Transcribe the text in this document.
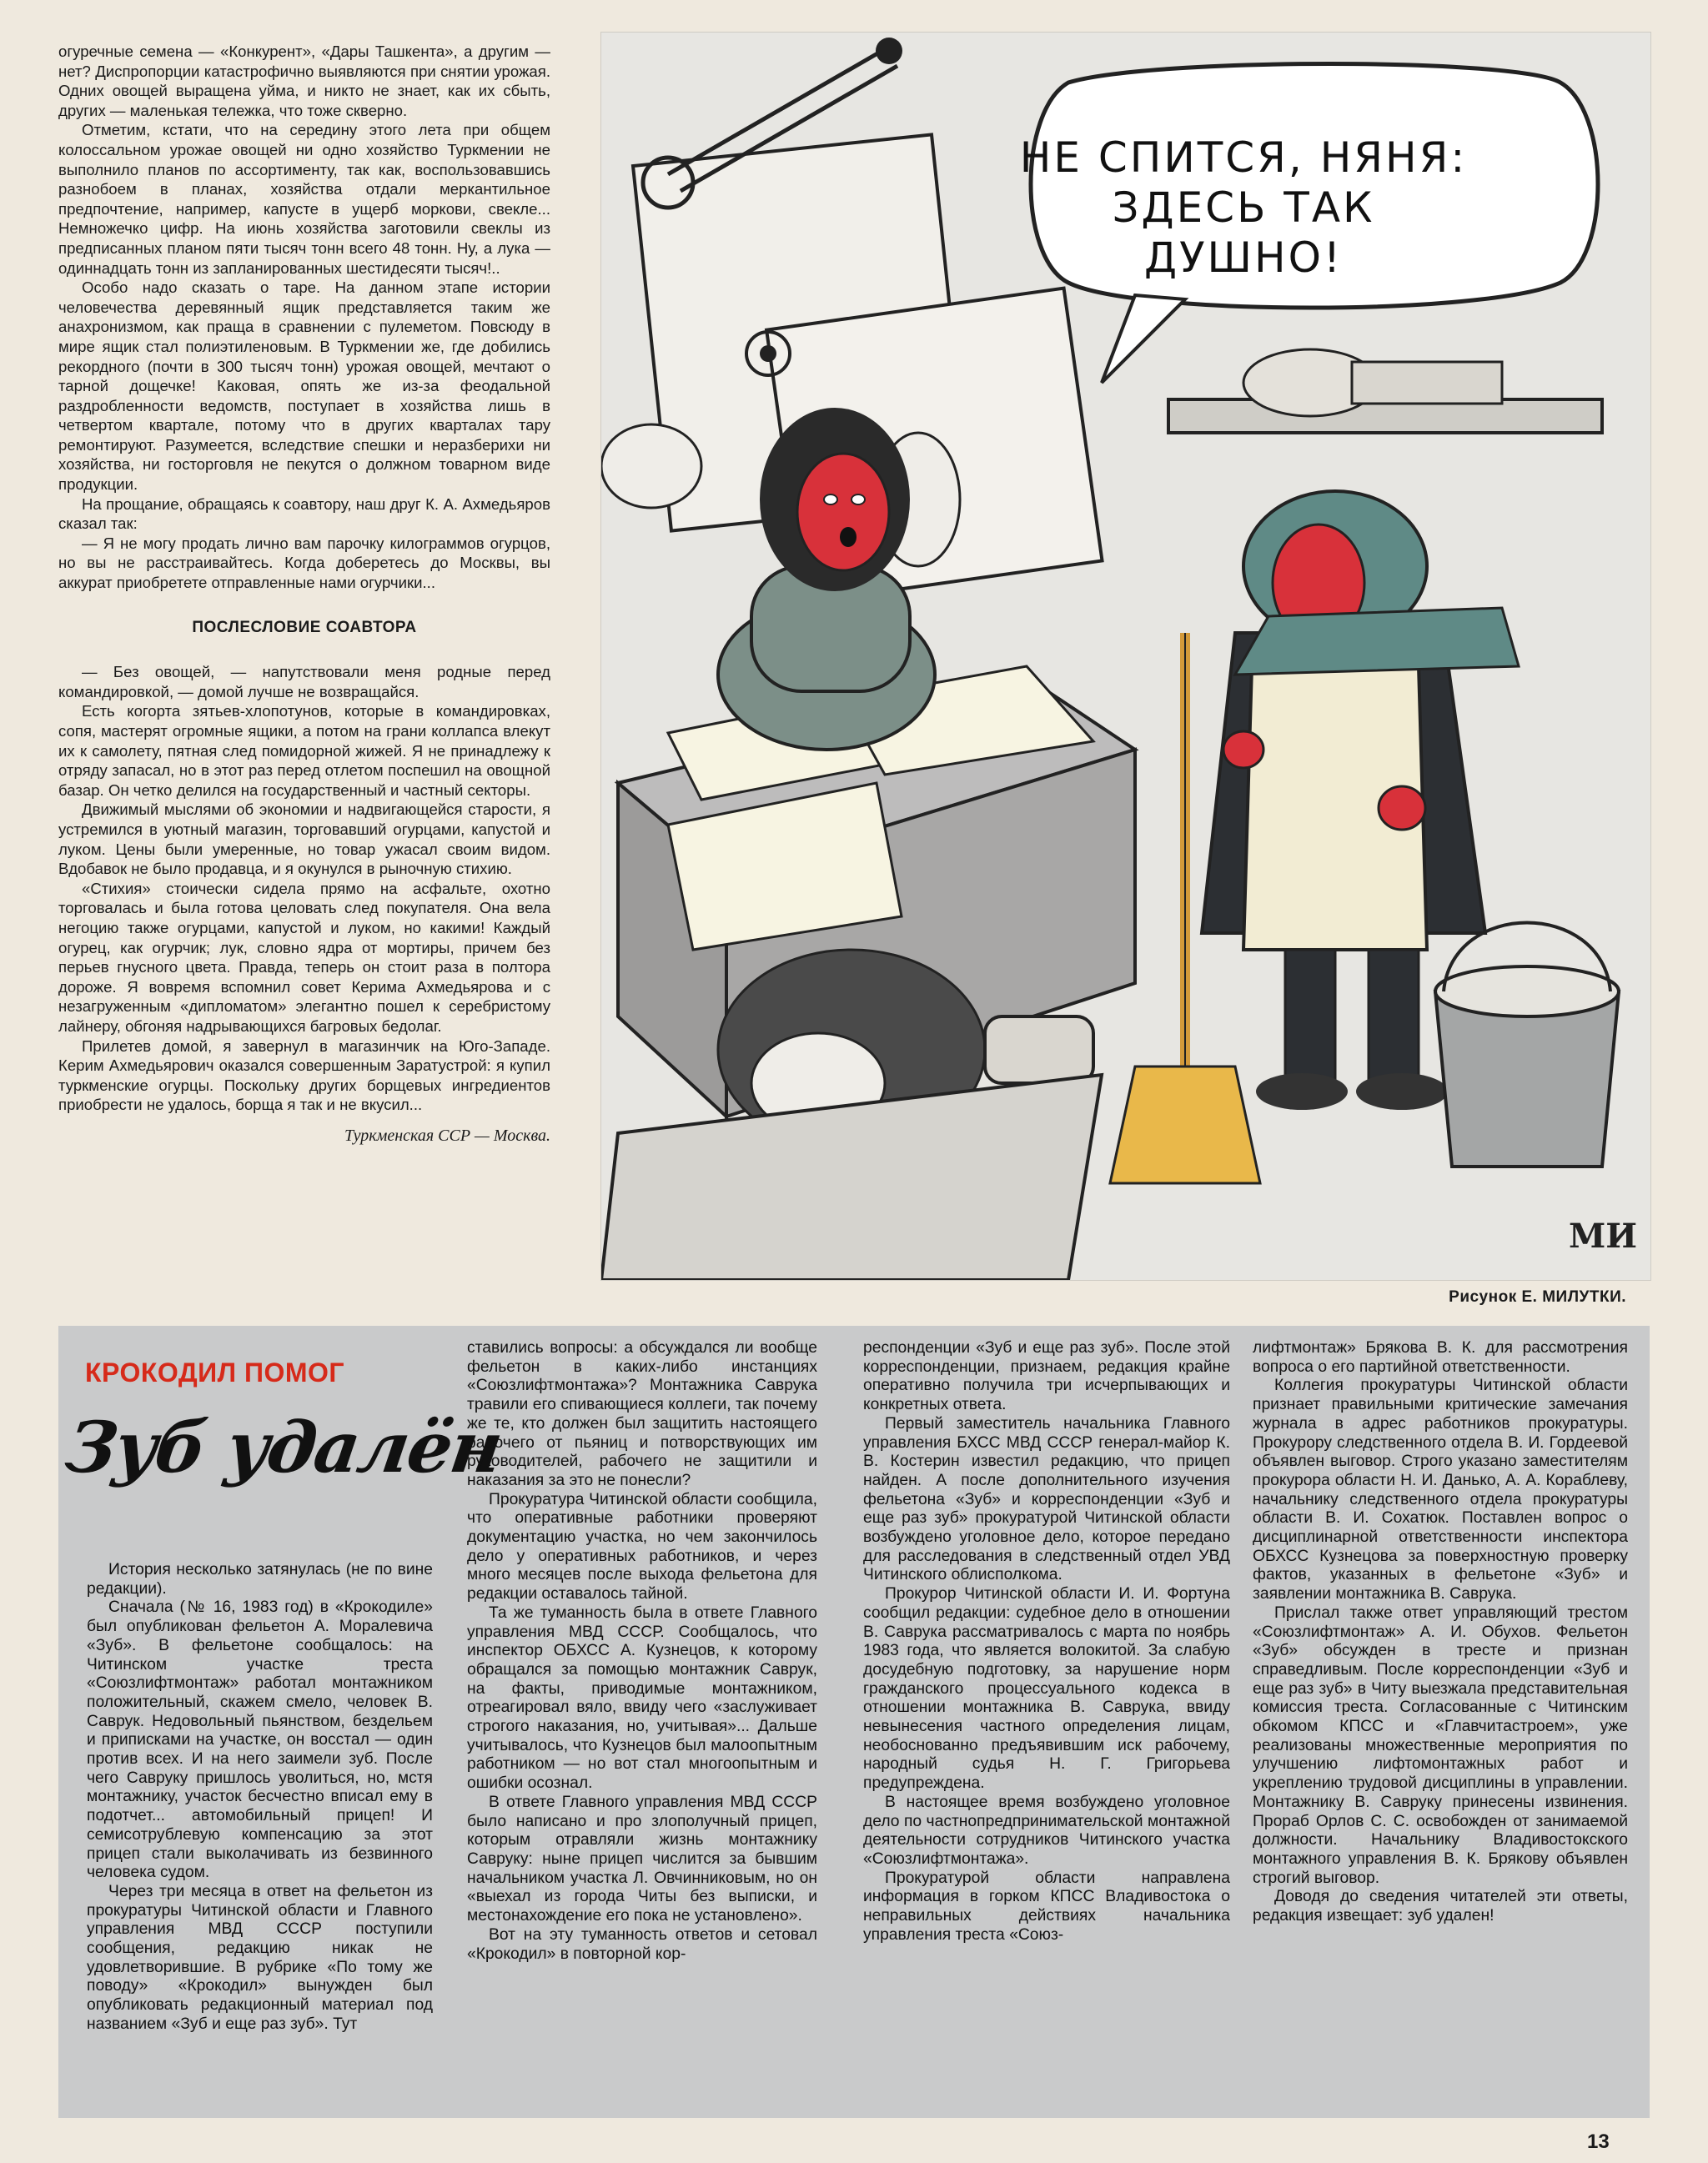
огуречные семена — «Конкурент», «Дары Ташкента», а другим — нет? Диспропорции катастрофично выявляются при снятии урожая. Одних овощей выращена уйма, и никто не знает, как их сбыть, других — маленькая тележка, что тоже скверно.

Отметим, кстати, что на середину этого лета при общем колоссальном урожае овощей ни одно хозяйство Туркмении не выполнило планов по ассортименту, так как, воспользовавшись разнобоем в планах, хозяйства отдали меркантильное предпочтение, например, капусте в ущерб моркови, свекле... Немножечко цифр. На июнь хозяйства заготовили свеклы из предписанных планом пяти тысяч тонн всего 48 тонн. Ну, а лука — одиннадцать тонн из запланированных шестидесяти тысяч!..

Особо надо сказать о таре. На данном этапе истории человечества деревянный ящик представляется таким же анахронизмом, как праща в сравнении с пулеметом. Повсюду в мире ящик стал полиэтиленовым. В Туркмении же, где добились рекордного (почти в 300 тысяч тонн) урожая овощей, мечтают о тарной дощечке! Каковая, опять же из-за феодальной раздробленности ведомств, поступает в хозяйства лишь в четвертом квартале, потому что в других кварталах тару ремонтируют. Разумеется, вследствие спешки и неразберихи ни хозяйства, ни госторговля не пекутся о должном товарном виде продукции.

На прощание, обращаясь к соавтору, наш друг К. А. Ахмедьяров сказал так:

— Я не могу продать лично вам парочку килограммов огурцов, но вы не расстраивайтесь. Когда доберетесь до Москвы, вы аккурат приобретете отправленные нами огурчики...

ПОСЛЕСЛОВИЕ СОАВТОРА

— Без овощей, — напутствовали меня родные перед командировкой, — домой лучше не возвращайся.

Есть когорта зятьев-хлопотунов, которые в командировках, сопя, мастерят огромные ящики, а потом на грани коллапса влекут их к самолету, пятная след помидорной жижей. Я не принадлежу к отряду запасал, но в этот раз перед отлетом поспешил на овощной базар. Он четко делился на государственный и частный секторы.

Движимый мыслями об экономии и надвигающейся старости, я устремился в уютный магазин, торговавший огурцами, капустой и луком. Цены были умеренные, но товар ужасал своим видом. Вдобавок не было продавца, и я окунулся в рыночную стихию.

«Стихия» стоически сидела прямо на асфальте, охотно торговалась и была готова целовать след покупателя. Она вела негоцию также огурцами, капустой и луком, но какими! Каждый огурец, как огурчик; лук, словно ядра от мортиры, причем без перьев гнусного цвета. Правда, теперь он стоит раза в полтора дороже. Я вовремя вспомнил совет Керима Ахмедьярова и с незагруженным «дипломатом» элегантно пошел к серебристому лайнеру, обгоняя надрывающихся багровых бедолаг.

Прилетев домой, я завернул в магазинчик на Юго-Западе. Керим Ахмедьярович оказался совершенным Заратустрой: я купил туркменские огурцы. Поскольку других борщевых ингредиентов приобрести не удалось, борща я так и не вкусил...

Туркменская ССР — Москва.

НЕ СПИТСЯ, НЯНЯ:
ЗДЕСЬ ТАК ДУШНО!
МИ
Рисунок Е. МИЛУТКИ.
КРОКОДИЛ ПОМОГ
Зуб удалён

История несколько затянулась (не по вине редакции).

Сначала (№ 16, 1983 год) в «Крокодиле» был опубликован фельетон А. Моралевича «Зуб». В фельетоне сообщалось: на Читинском участке треста «Союзлифтмонтаж» работал монтажником положительный, скажем смело, человек В. Саврук. Недовольный пьянством, бездельем и приписками на участке, он восстал — один против всех. И на него заимели зуб. После чего Савруку пришлось уволиться, но, мстя монтажнику, участок бесчестно вписал ему в подотчет... автомобильный прицеп! И семисотрублевую компенсацию за этот прицеп стали выколачивать из безвинного человека судом.

Через три месяца в ответ на фельетон из прокуратуры Читинской области и Главного управления МВД СССР поступили сообщения, редакцию никак не удовлетворившие. В рубрике «По тому же поводу» «Крокодил» вынужден был опубликовать редакционный материал под названием «Зуб и еще раз зуб». Тут

ставились вопросы: а обсуждался ли вообще фельетон в каких-либо инстанциях «Союзлифтмонтажа»? Монтажника Саврука травили его спивающиеся коллеги, так почему же те, кто должен был защитить настоящего рабочего от пьяниц и потворствующих им руководителей, рабочего не защитили и наказания за это не понесли?

Прокуратура Читинской области сообщила, что оперативные работники проверяют документацию участка, но чем закончилось дело у оперативных работников, и через много месяцев после выхода фельетона для редакции оставалось тайной.

Та же туманность была в ответе Главного управления МВД СССР. Сообщалось, что инспектор ОБХСС А. Кузнецов, к которому обращался за помощью монтажник Саврук, на факты, приводимые монтажником, отреагировал вяло, ввиду чего «заслуживает строгого наказания, но, учитывая»... Дальше учитывалось, что Кузнецов был малоопытным работником — но вот стал многоопытным и ошибки осознал.

В ответе Главного управления МВД СССР было написано и про злополучный прицеп, которым отравляли жизнь монтажнику Савруку: ныне прицеп числится за бывшим начальником участка Л. Овчинниковым, но он «выехал из города Читы без выписки, и местонахождение его пока не установлено».

Вот на эту туманность ответов и сетовал «Крокодил» в повторной кор-

респонденции «Зуб и еще раз зуб». После этой корреспонденции, признаем, редакция крайне оперативно получила три исчерпывающих и конкретных ответа.

Первый заместитель начальника Главного управления БХСС МВД СССР генерал-майор К. В. Костерин известил редакцию, что прицеп найден. А после дополнительного изучения фельетона «Зуб» и корреспонденции «Зуб и еще раз зуб» прокуратурой Читинской области возбуждено уголовное дело, которое передано для расследования в следственный отдел УВД Читинского облисполкома.

Прокурор Читинской области И. И. Фортуна сообщил редакции: судебное дело в отношении В. Саврука рассматривалось с марта по ноябрь 1983 года, что является волокитой. За слабую досудебную подготовку, за нарушение норм гражданского процессуального кодекса в отношении монтажника В. Саврука, ввиду невынесения частного определения лицам, необоснованно предъявившим иск рабочему, народный судья Н. Г. Григорьева предупреждена.

В настоящее время возбуждено уголовное дело по частнопредпринимательской монтажной деятельности сотрудников Читинского участка «Союзлифтмонтажа».

Прокуратурой области направлена информация в горком КПСС Владивостока о неправильных действиях начальника управления треста «Союз-

лифтмонтаж» Брякова В. К. для рассмотрения вопроса о его партийной ответственности.

Коллегия прокуратуры Читинской области признает правильными критические замечания журнала в адрес работников прокуратуры. Прокурору следственного отдела В. И. Гордеевой объявлен выговор. Строго указано заместителям прокурора области Н. И. Данько, А. А. Кораблеву, начальнику следственного отдела прокуратуры области В. И. Сохатюк. Поставлен вопрос о дисциплинарной ответственности инспектора ОБХСС Кузнецова за поверхностную проверку фактов, указанных в фельетоне «Зуб» и заявлении монтажника В. Саврука.

Прислал также ответ управляющий трестом «Союзлифтмонтаж» А. И. Обухов. Фельетон «Зуб» обсужден в тресте и признан справедливым. После корреспонденции «Зуб и еще раз зуб» в Читу выезжала представительная комиссия треста. Согласованные с Читинским обкомом КПСС и «Главчитастроем», уже реализованы множественные мероприятия по улучшению лифтомонтажных работ и укреплению трудовой дисциплины в управлении. Монтажнику В. Савруку принесены извинения. Прораб Орлов С. С. освобожден от занимаемой должности. Начальнику Владивостокского монтажного управления В. К. Брякову объявлен строгий выговор.

Доводя до сведения читателей эти ответы, редакция извещает: зуб удален!

13
